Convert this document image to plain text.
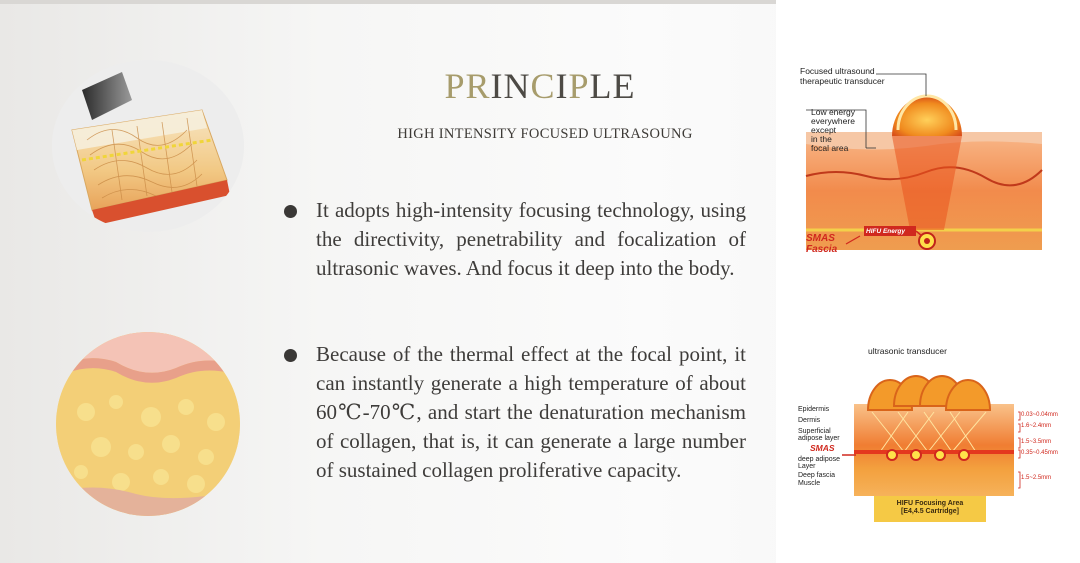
PRINCIPLE
HIGH INTENSITY FOCUSED ULTRASOUNG
It adopts high-intensity focusing technology, using the directivity, penetrability and focalization of ultrasonic waves. And focus it deep into the body.
Because of the thermal effect at the focal point, it can instantly generate a high temperature of about 60℃-70℃, and start the denaturation mechanism of collagen, that is, it can generate a large number of sustained collagen proliferative capacity.
Focused ultrasound
therapeutic transducer
Low energy
everywhere
except
in the
focal area
HIFU Energy
SMAS
Fascia
ultrasonic transducer
Epidermis
Dermis
Superficial
adipose layer
SMAS
deep adipose
Layer
Deep fascia
Muscle
0.03~0.04mm
1.6~2.4mm
1.5~3.5mm
0.35~0.45mm
1.5~2.5mm
HIFU Focusing Area
[E4,4.5 Cartridge]
